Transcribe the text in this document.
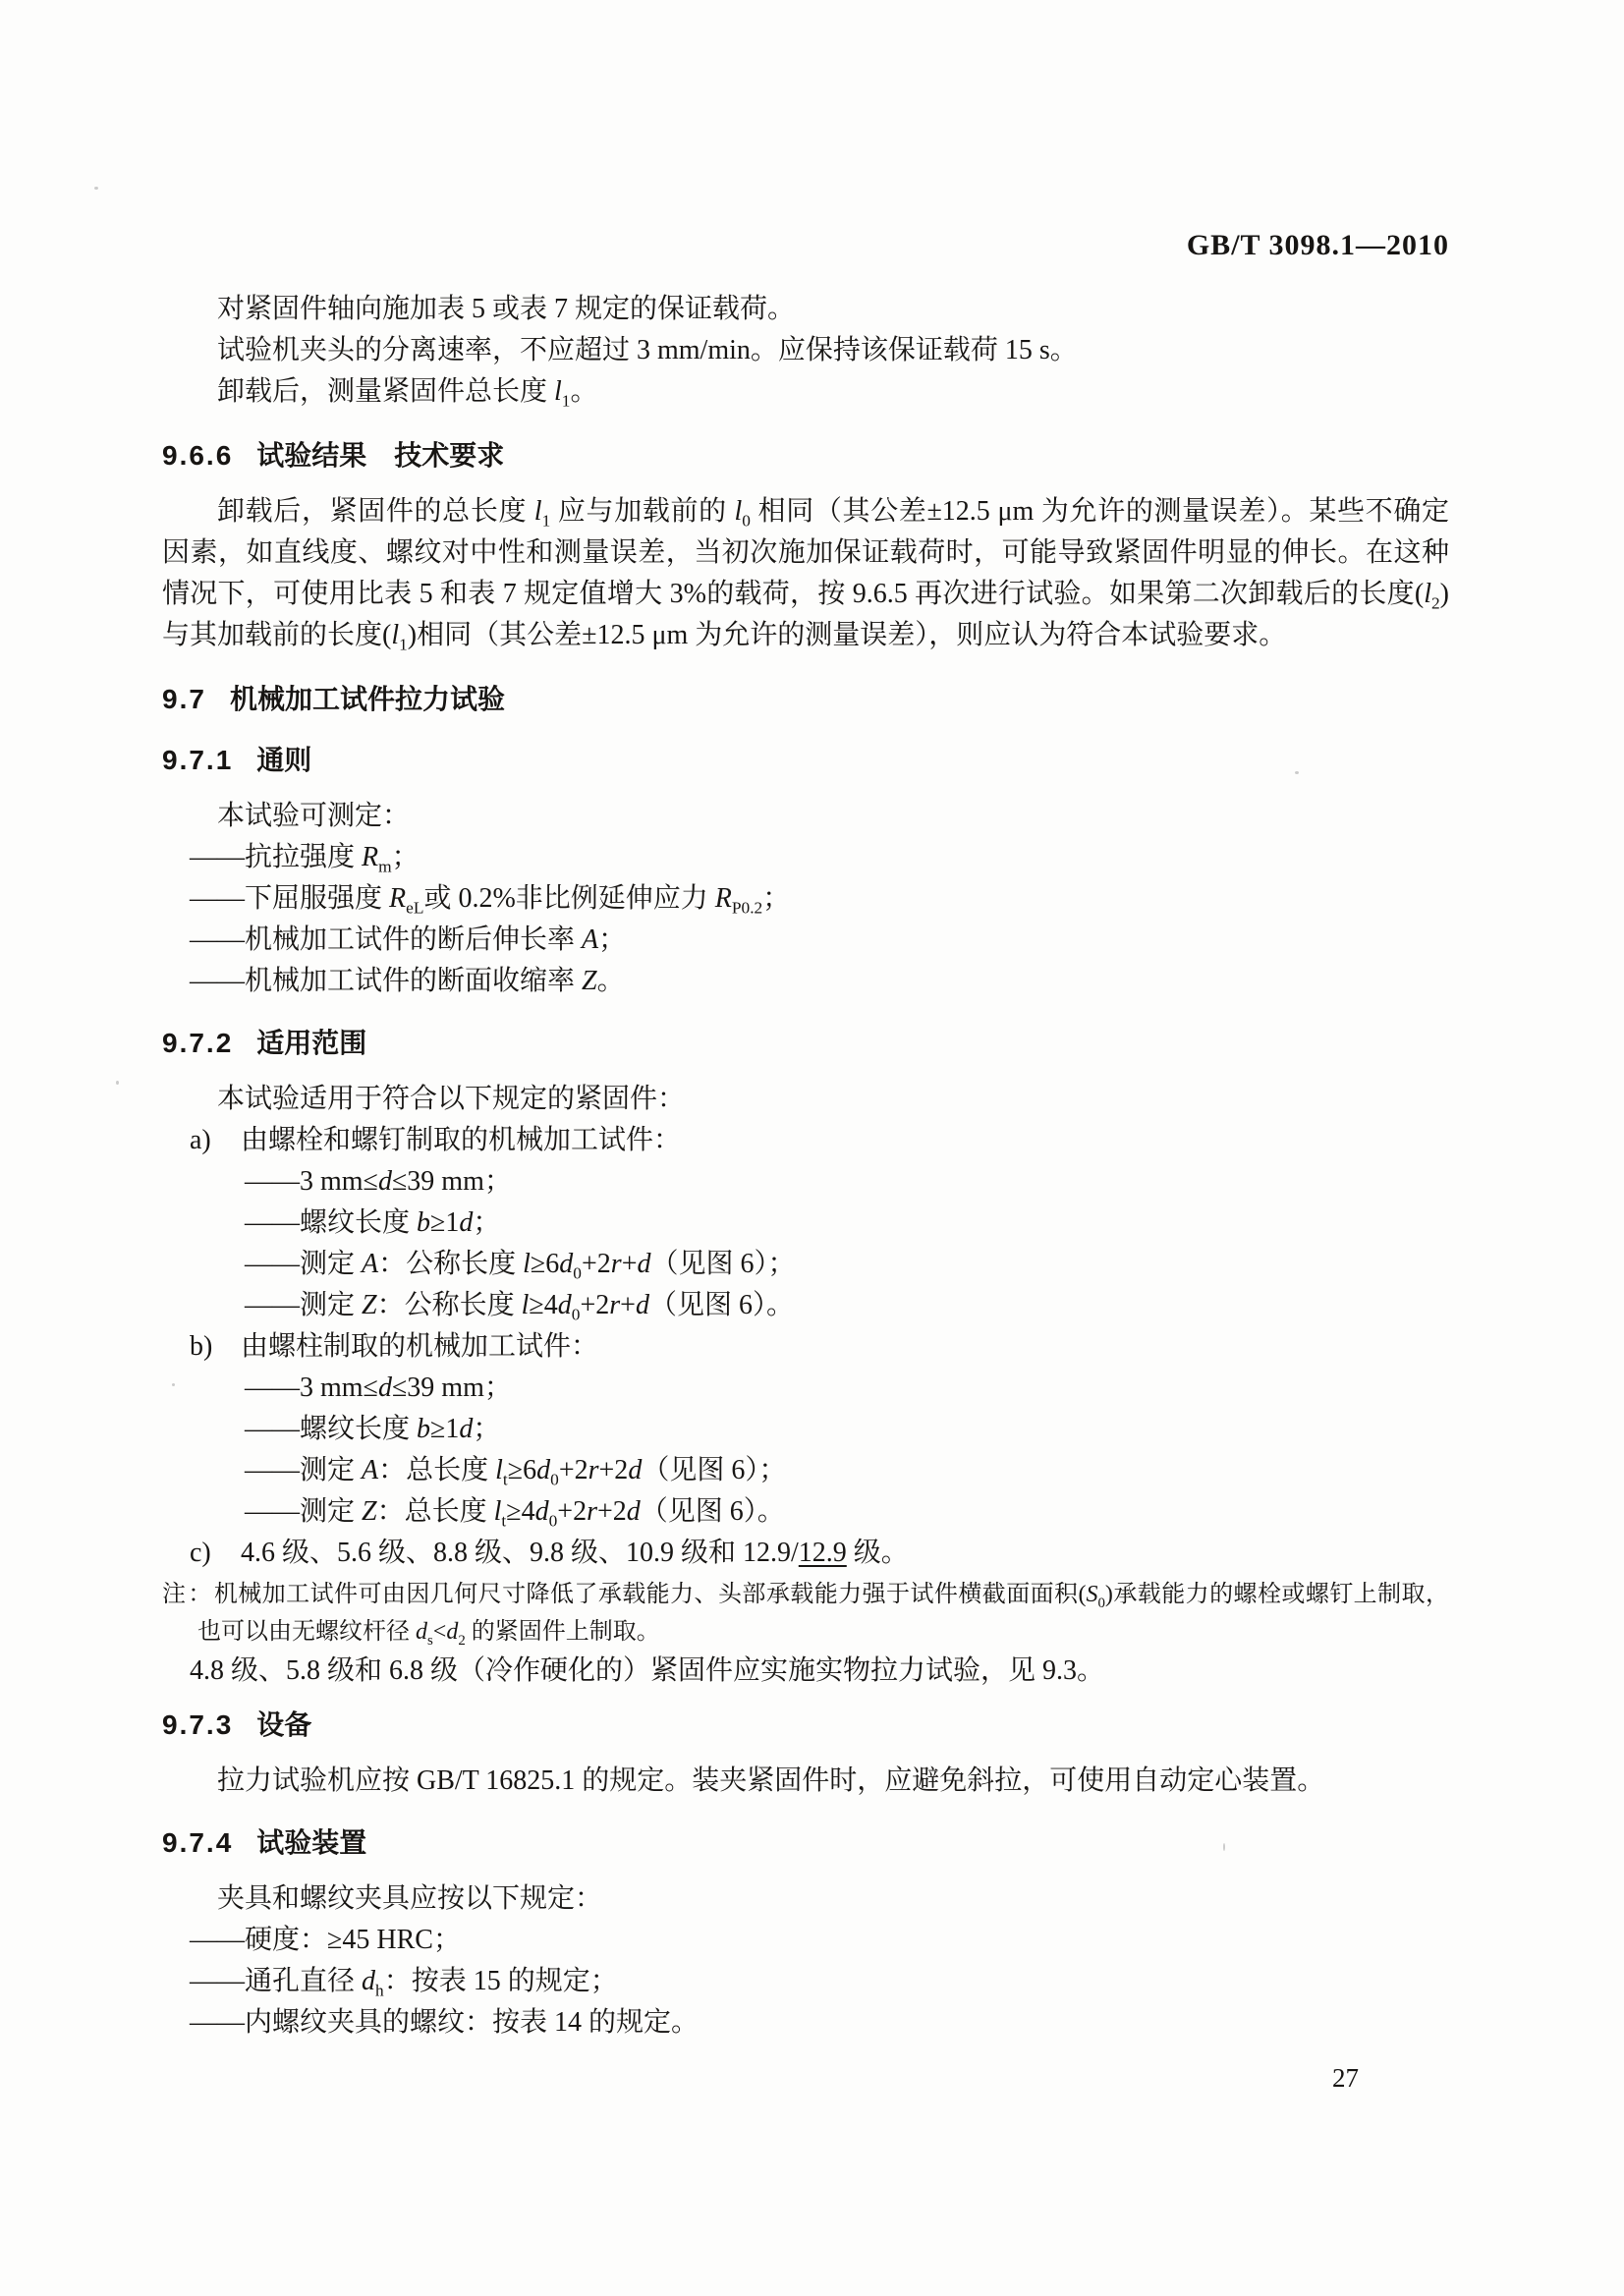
GB/T 3098.1—2010
对紧固件轴向施加表 5 或表 7 规定的保证载荷。
试验机夹头的分离速率，不应超过 3 mm/min。应保持该保证载荷 15 s。
卸载后，测量紧固件总长度 $l_1$。
9.6.6 试验结果　技术要求
卸载后，紧固件的总长度 $l_1$ 应与加载前的 $l_0$ 相同（其公差±12.5 μm 为允许的测量误差）。某些不确定因素，如直线度、螺纹对中性和测量误差，当初次施加保证载荷时，可能导致紧固件明显的伸长。在这种情况下，可使用比表 5 和表 7 规定值增大 3%的载荷，按 9.6.5 再次进行试验。如果第二次卸载后的长度$(l_2)$与其加载前的长度$(l_1)$相同（其公差±12.5 μm 为允许的测量误差），则应认为符合本试验要求。
9.7 机械加工试件拉力试验
9.7.1 通则
本试验可测定：
——抗拉强度 $R_m$；
——下屈服强度 $R_{eL}$或 0.2%非比例延伸应力 $R_{P0.2}$；
——机械加工试件的断后伸长率 A；
——机械加工试件的断面收缩率 Z。
9.7.2 适用范围
本试验适用于符合以下规定的紧固件：
a) 由螺栓和螺钉制取的机械加工试件：
——3 mm≤d≤39 mm；
——螺纹长度 b≥1d；
——测定 A：公称长度 $l\ge 6d_0+2r+d$（见图 6）；
——测定 Z：公称长度 $l\ge 4d_0+2r+d$（见图 6）。
b) 由螺柱制取的机械加工试件：
——3 mm≤d≤39 mm；
——螺纹长度 b≥1d；
——测定 A：总长度 $l_t\ge 6d_0+2r+2d$（见图 6）；
——测定 Z：总长度 $l_t\ge 4d_0+2r+2d$（见图 6）。
c) 4.6 级、5.6 级、8.8 级、9.8 级、10.9 级和 12.9/12.9 级。
注：机械加工试件可由因几何尺寸降低了承载能力、头部承载能力强于试件横截面面积$(S_0)$承载能力的螺栓或螺钉上制取，也可以由无螺纹杆径 $d_s<d_2$ 的紧固件上制取。
4.8 级、5.8 级和 6.8 级（冷作硬化的）紧固件应实施实物拉力试验，见 9.3。
9.7.3 设备
拉力试验机应按 GB/T 16825.1 的规定。装夹紧固件时，应避免斜拉，可使用自动定心装置。
9.7.4 试验装置
夹具和螺纹夹具应按以下规定：
——硬度：≥45 HRC；
——通孔直径 $d_h$：按表 15 的规定；
——内螺纹夹具的螺纹：按表 14 的规定。
27
